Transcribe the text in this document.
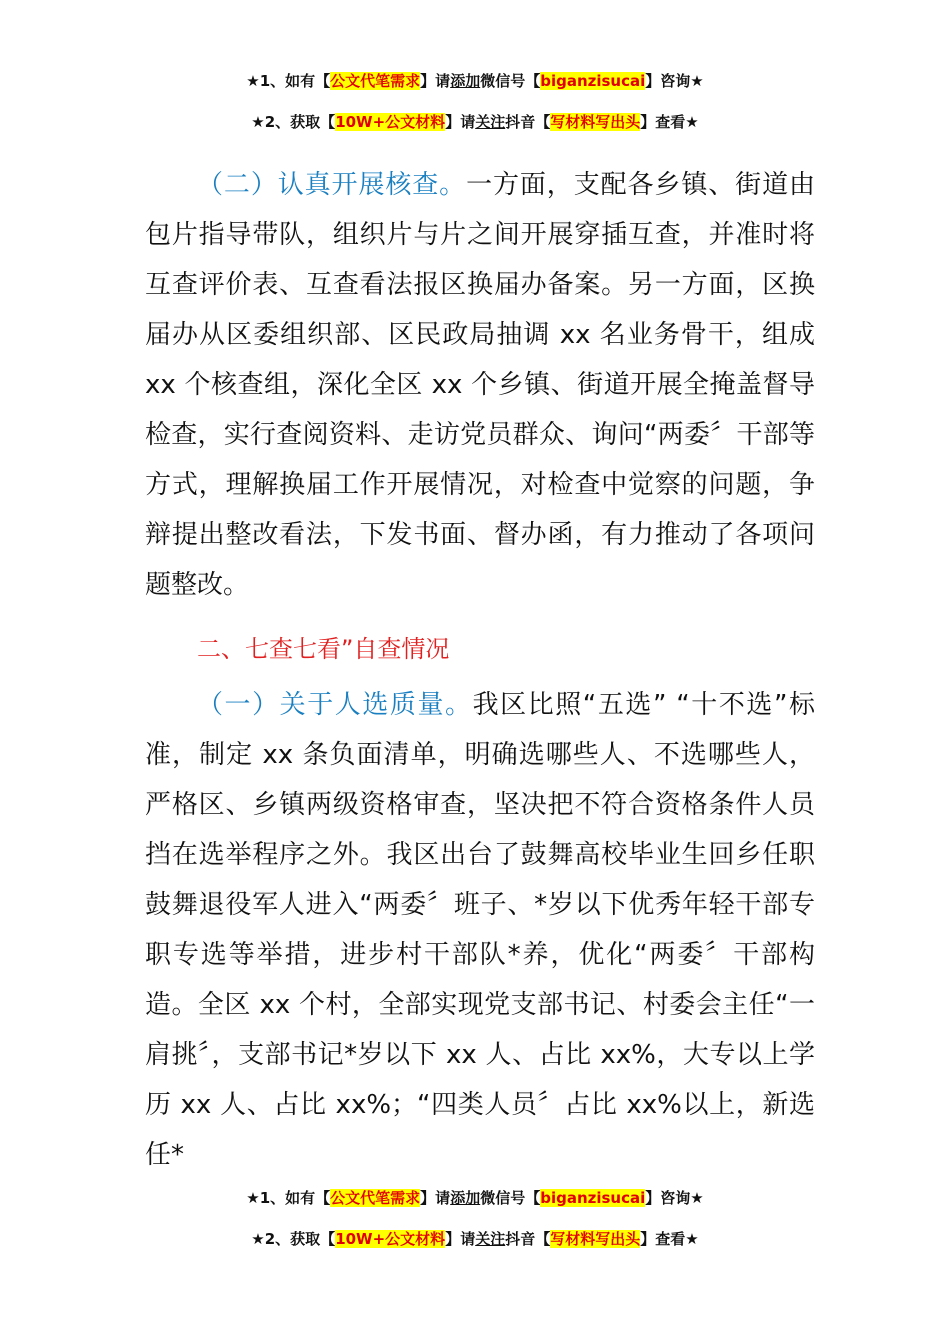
★1、如有【公文代笔需求】请添加微信号【biganzisucai】咨询★
★2、获取【10W+公文材料】请关注抖音【写材料写出头】查看★

（二）认真开展核查。一方面，支配各乡镇、街道由包片指导带队，组织片与片之间开展穿插互查，并准时将互查评价表、互查看法报区换届办备案。另一方面，区换届办从区委组织部、区民政局抽调 xx 名业务骨干，组成 xx 个核查组，深化全区 xx 个乡镇、街道开展全掩盖督导检查，实行查阅资料、走访党员群众、询问“两委〞干部等方式，理解换届工作开展情况，对检查中觉察的问题，争辩提出整改看法，下发书面、督办函，有力推动了各项问题整改。

二、七查七看”自查情况

（一）关于人选质量。我区比照“五选” “十不选”标准，制定 xx 条负面清单，明确选哪些人、不选哪些人，严格区、乡镇两级资格审查，坚决把不符合资格条件人员挡在选举程序之外。我区出台了鼓舞高校毕业生回乡任职鼓舞退役军人进入“两委〞班子、*岁以下优秀年轻干部专职专选等举措，进步村干部队*养，优化“两委〞干部构造。全区 xx 个村，全部实现党支部书记、村委会主任“一肩挑〞，支部书记*岁以下 xx 人、占比 xx%，大专以上学历 xx 人、占比 xx%；“四类人员〞占比 xx%以上，新选任*

★1、如有【公文代笔需求】请添加微信号【biganzisucai】咨询★
★2、获取【10W+公文材料】请关注抖音【写材料写出头】查看★
